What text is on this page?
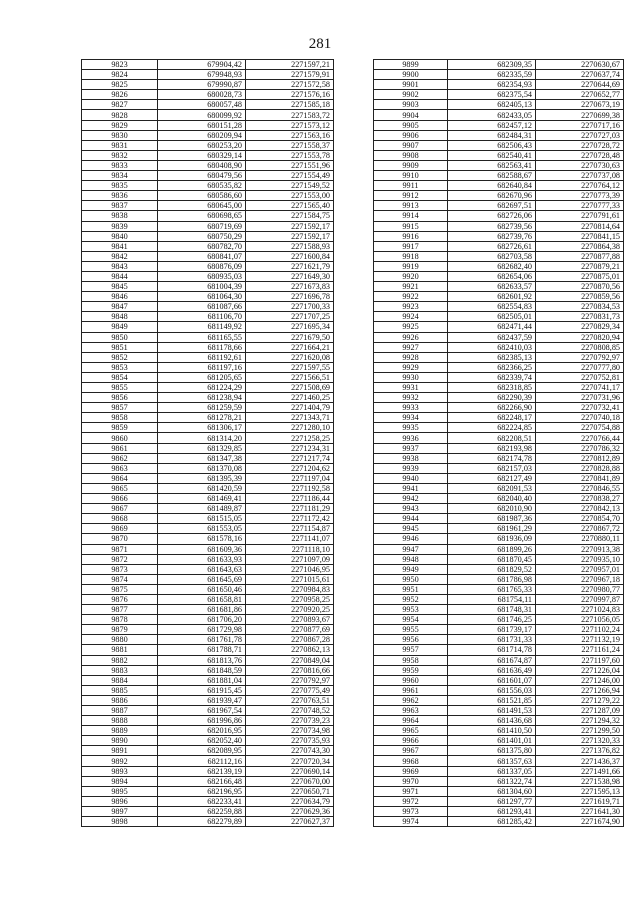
281
9823	679904,42	2271597,21
9824	679948,93	2271579,91
9825	679990,87	2271572,58
9826	680028,73	2271576,16
9827	680057,48	2271585,18
9828	680099,92	2271583,72
9829	680151,28	2271573,12
9830	680209,94	2271563,16
9831	680253,20	2271558,37
9832	680329,14	2271553,78
9833	680408,90	2271551,96
9834	680479,56	2271554,49
9835	680535,82	2271549,52
9836	680586,60	2271553,00
9837	680645,00	2271565,40
9838	680698,65	2271584,75
9839	680719,69	2271592,17
9840	680750,29	2271592,17
9841	680782,70	2271588,93
9842	680841,07	2271600,84
9843	680876,09	2271621,79
9844	680935,03	2271649,30
9845	681004,39	2271673,83
9846	681064,30	2271696,78
9847	681087,66	2271700,33
9848	681106,70	2271707,25
9849	681149,92	2271695,34
9850	681165,55	2271679,50
9851	681178,66	2271664,21
9852	681192,61	2271620,08
9853	681197,16	2271597,55
9854	681205,65	2271566,51
9855	681224,29	2271508,69
9856	681238,94	2271460,25
9857	681259,59	2271404,79
9858	681278,21	2271343,71
9859	681306,17	2271280,10
9860	681314,20	2271258,25
9861	681329,85	2271234,31
9862	681347,38	2271217,74
9863	681370,08	2271204,62
9864	681395,39	2271197,04
9865	681420,59	2271192,58
9866	681469,41	2271186,44
9867	681489,87	2271181,29
9868	681515,05	2271172,42
9869	681553,05	2271154,87
9870	681578,16	2271141,07
9871	681609,36	2271118,10
9872	681633,93	2271097,09
9873	681643,63	2271046,95
9874	681645,69	2271015,61
9875	681650,46	2270984,83
9876	681658,81	2270958,25
9877	681681,86	2270920,25
9878	681706,20	2270893,67
9879	681729,98	2270877,69
9880	681761,78	2270867,28
9881	681788,71	2270862,13
9882	681813,76	2270849,04
9883	681848,59	2270816,66
9884	681881,04	2270792,97
9885	681915,45	2270775,49
9886	681939,47	2270763,51
9887	681967,54	2270748,52
9888	681996,86	2270739,23
9889	682016,95	2270734,98
9890	682052,40	2270735,93
9891	682089,95	2270743,30
9892	682112,16	2270720,34
9893	682139,19	2270690,14
9894	682166,48	2270670,00
9895	682196,95	2270650,71
9896	682233,41	2270634,79
9897	682259,88	2270629,36
9898	682279,89	2270627,37
9899	682309,35	2270630,67
9900	682335,59	2270637,74
9901	682354,93	2270644,69
9902	682375,54	2270652,77
9903	682405,13	2270673,19
9904	682433,05	2270699,38
9905	682457,12	2270717,16
9906	682484,31	2270727,03
9907	682506,43	2270728,72
9908	682540,41	2270728,48
9909	682563,41	2270730,63
9910	682588,67	2270737,08
9911	682640,84	2270764,12
9912	682670,96	2270773,39
9913	682697,51	2270777,33
9914	682726,06	2270791,61
9915	682739,56	2270814,64
9916	682739,76	2270841,15
9917	682726,61	2270864,38
9918	682703,58	2270877,88
9919	682682,40	2270879,21
9920	682654,06	2270875,01
9921	682633,57	2270870,56
9922	682601,92	2270859,56
9923	682554,83	2270834,53
9924	682505,01	2270831,73
9925	682471,44	2270829,34
9926	682437,59	2270820,94
9927	682410,03	2270808,85
9928	682385,13	2270792,97
9929	682366,25	2270777,80
9930	682339,74	2270752,81
9931	682318,85	2270741,17
9932	682290,39	2270731,96
9933	682266,90	2270732,41
9934	682248,17	2270740,18
9935	682224,85	2270754,88
9936	682208,51	2270766,44
9937	682193,98	2270786,32
9938	682174,78	2270812,89
9939	682157,03	2270828,88
9940	682127,49	2270841,89
9941	682091,53	2270846,55
9942	682040,40	2270838,27
9943	682010,90	2270842,13
9944	681987,36	2270854,70
9945	681961,29	2270867,72
9946	681936,09	2270880,11
9947	681899,26	2270913,38
9948	681870,45	2270935,10
9949	681829,52	2270957,01
9950	681786,98	2270967,18
9951	681765,33	2270980,77
9952	681754,11	2270997,87
9953	681748,31	2271024,83
9954	681746,25	2271056,05
9955	681739,17	2271102,24
9956	681731,33	2271132,19
9957	681714,78	2271161,24
9958	681674,87	2271197,60
9959	681636,49	2271226,04
9960	681601,07	2271246,00
9961	681556,03	2271266,94
9962	681521,85	2271279,22
9963	681491,53	2271287,09
9964	681436,68	2271294,32
9965	681410,50	2271299,50
9966	681401,01	2271320,33
9967	681375,80	2271376,82
9968	681357,63	2271436,37
9969	681337,05	2271491,66
9970	681322,74	2271538,98
9971	681304,60	2271595,13
9972	681297,77	2271619,71
9973	681293,41	2271641,30
9974	681285,42	2271674,90
